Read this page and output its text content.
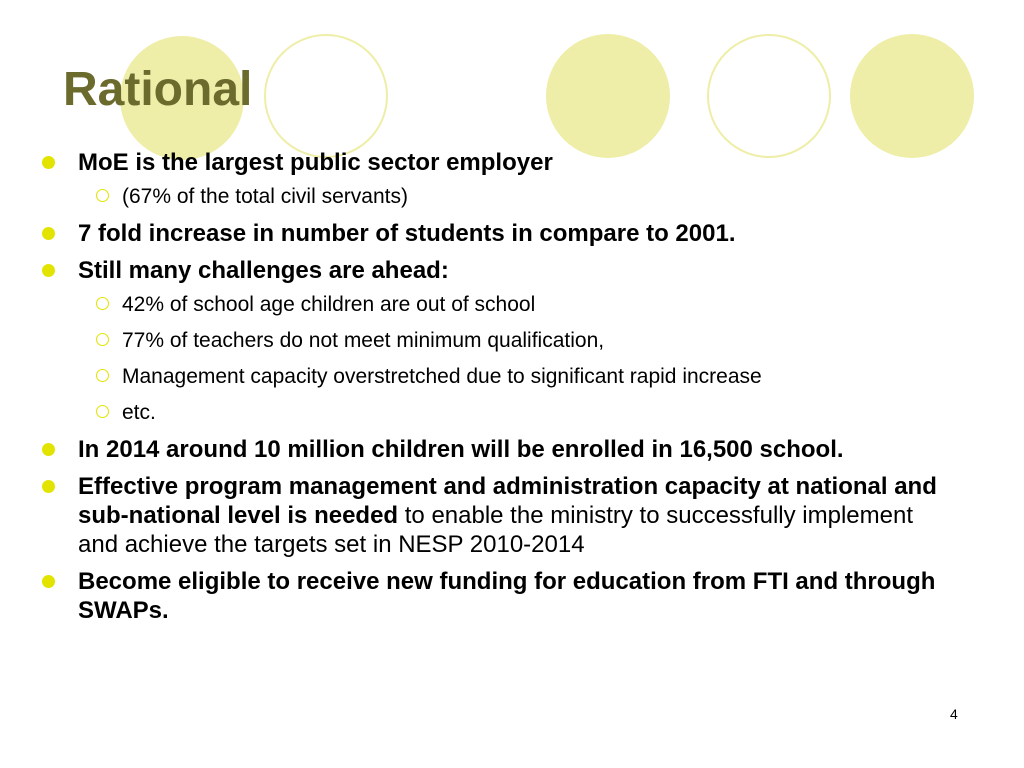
Rational
MoE is the largest public sector employer
(67% of the total civil servants)
7 fold increase in number of students in compare to 2001.
Still many challenges are ahead:
42% of school age children are out of school
77% of teachers do not meet minimum qualification,
Management capacity overstretched due to significant rapid increase
etc.
In 2014 around 10 million children will be enrolled in 16,500 school.
Effective program management and administration capacity at national and sub-national level is needed to enable the ministry to successfully implement and achieve the targets set in NESP 2010-2014
Become eligible to receive new funding for education from FTI and through SWAPs.
4
